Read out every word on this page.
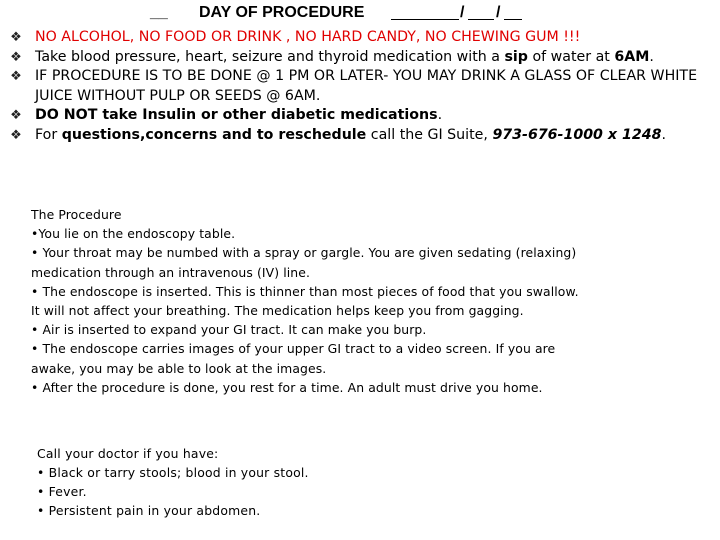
__ DAY OF PROCEDURE	/ /
❖ NO ALCOHOL, NO FOOD OR DRINK , NO HARD CANDY, NO CHEWING GUM !!!
❖ Take blood pressure, heart, seizure and thyroid medication with a sip of water at 6AM.
❖ IF PROCEDURE IS TO BE DONE @ 1 PM OR LATER- YOU MAY DRINK A GLASS OF CLEAR WHITE
JUICE WITHOUT PULP OR SEEDS @ 6AM.
❖ DO NOT take Insulin or other diabetic medications.
❖ For questions,concerns and to reschedule call the GI Suite, 973-676-1000 x 1248.
The Procedure
•You lie on the endoscopy table.
• Your throat may be numbed with a spray or gargle. You are given sedating (relaxing)
medication through an intravenous (IV) line.
• The endoscope is inserted. This is thinner than most pieces of food that you swallow.
It will not affect your breathing. The medication helps keep you from gagging.
• Air is inserted to expand your GI tract. It can make you burp.
• The endoscope carries images of your upper GI tract to a video screen. If you are
awake, you may be able to look at the images.
• After the procedure is done, you rest for a time. An adult must drive you home.
Call your doctor if you have:
• Black or tarry stools; blood in your stool.
• Fever.
• Persistent pain in your abdomen.
